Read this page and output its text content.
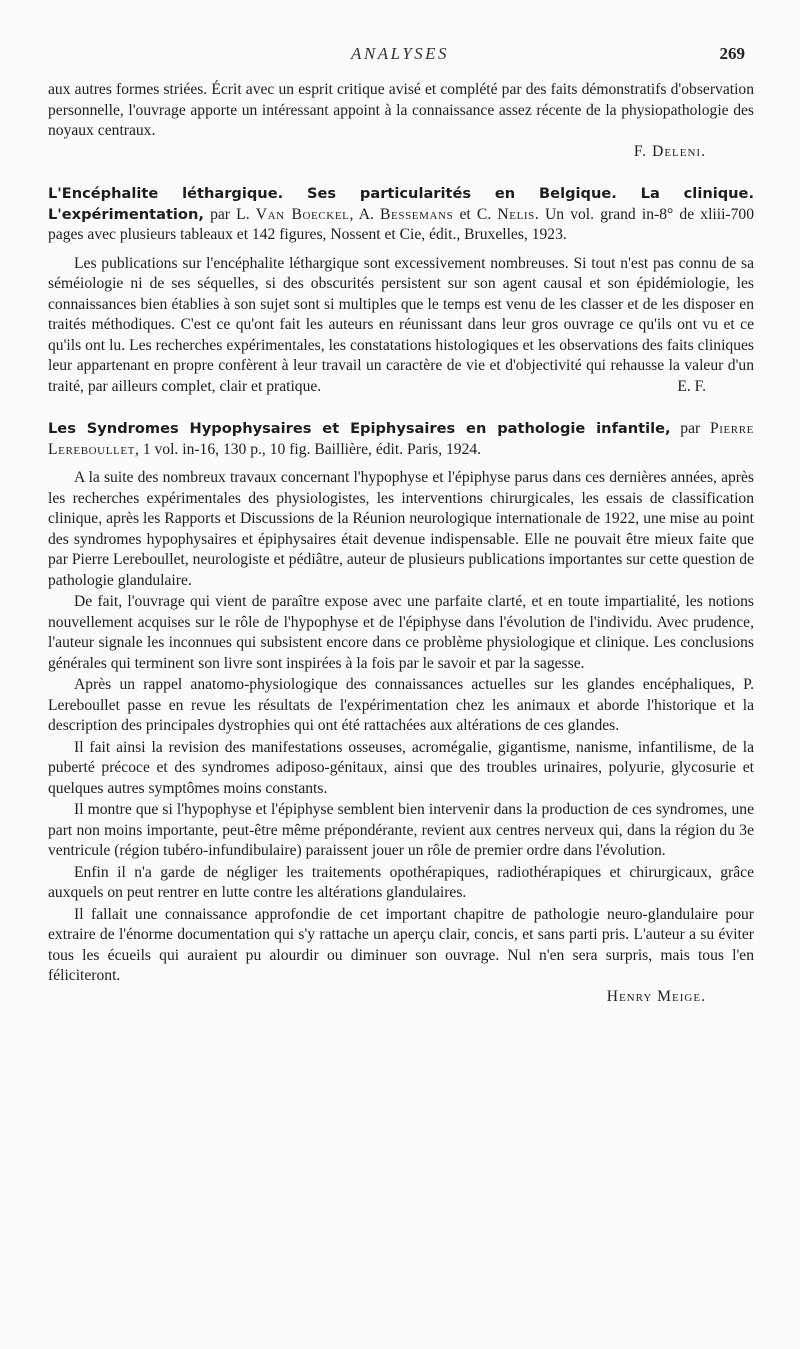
ANALYSES	269

aux autres formes striées. Écrit avec un esprit critique avisé et complété par des faits démonstratifs d'observation personnelle, l'ouvrage apporte un intéressant appoint à la connaissance assez récente de la physiopathologie des noyaux centraux.

F. Deleni.

L'Encéphalite léthargique. Ses particularités en Belgique. La clinique. L'expérimentation, par L. Van Boeckel, A. Bessemans et C. Nelis. Un vol. grand in-8° de xliii-700 pages avec plusieurs tableaux et 142 figures, Nossent et Cie, édit., Bruxelles, 1923.

Les publications sur l'encéphalite léthargique sont excessivement nombreuses. Si tout n'est pas connu de sa séméiologie ni de ses séquelles, si des obscurités persistent sur son agent causal et son épidémiologie, les connaissances bien établies à son sujet sont si multiples que le temps est venu de les classer et de les disposer en traités méthodiques. C'est ce qu'ont fait les auteurs en réunissant dans leur gros ouvrage ce qu'ils ont vu et ce qu'ils ont lu. Les recherches expérimentales, les constatations histologiques et les observations des faits cliniques leur appartenant en propre confèrent à leur travail un caractère de vie et d'objectivité qui rehausse la valeur d'un traité, par ailleurs complet, clair et pratique.	E. F.

Les Syndromes Hypophysaires et Epiphysaires en pathologie infantile, par Pierre Lereboullet, 1 vol. in-16, 130 p., 10 fig. Baillière, édit. Paris, 1924.

A la suite des nombreux travaux concernant l'hypophyse et l'épiphyse parus dans ces dernières années, après les recherches expérimentales des physiologistes, les interventions chirurgicales, les essais de classification clinique, après les Rapports et Discussions de la Réunion neurologique internationale de 1922, une mise au point des syndromes hypophysaires et épiphysaires était devenue indispensable. Elle ne pouvait être mieux faite que par Pierre Lereboullet, neurologiste et pédiâtre, auteur de plusieurs publications importantes sur cette question de pathologie glandulaire.

De fait, l'ouvrage qui vient de paraître expose avec une parfaite clarté, et en toute impartialité, les notions nouvellement acquises sur le rôle de l'hypophyse et de l'épiphyse dans l'évolution de l'individu. Avec prudence, l'auteur signale les inconnues qui subsistent encore dans ce problème physiologique et clinique. Les conclusions générales qui terminent son livre sont inspirées à la fois par le savoir et par la sagesse.

Après un rappel anatomo-physiologique des connaissances actuelles sur les glandes encéphaliques, P. Lereboullet passe en revue les résultats de l'expérimentation chez les animaux et aborde l'historique et la description des principales dystrophies qui ont été rattachées aux altérations de ces glandes.

Il fait ainsi la revision des manifestations osseuses, acromégalie, gigantisme, nanisme, infantilisme, de la puberté précoce et des syndromes adiposo-génitaux, ainsi que des troubles urinaires, polyurie, glycosurie et quelques autres symptômes moins constants.

Il montre que si l'hypophyse et l'épiphyse semblent bien intervenir dans la production de ces syndromes, une part non moins importante, peut-être même prépondérante, revient aux centres nerveux qui, dans la région du 3e ventricule (région tubéro-infundibulaire) paraissent jouer un rôle de premier ordre dans l'évolution.

Enfin il n'a garde de négliger les traitements opothérapiques, radiothérapiques et chirurgicaux, grâce auxquels on peut rentrer en lutte contre les altérations glandulaires.

Il fallait une connaissance approfondie de cet important chapitre de pathologie neuro-glandulaire pour extraire de l'énorme documentation qui s'y rattache un aperçu clair, concis, et sans parti pris. L'auteur a su éviter tous les écueils qui auraient pu alourdir ou diminuer son ouvrage. Nul n'en sera surpris, mais tous l'en féliciteront.

Henry Meige.
